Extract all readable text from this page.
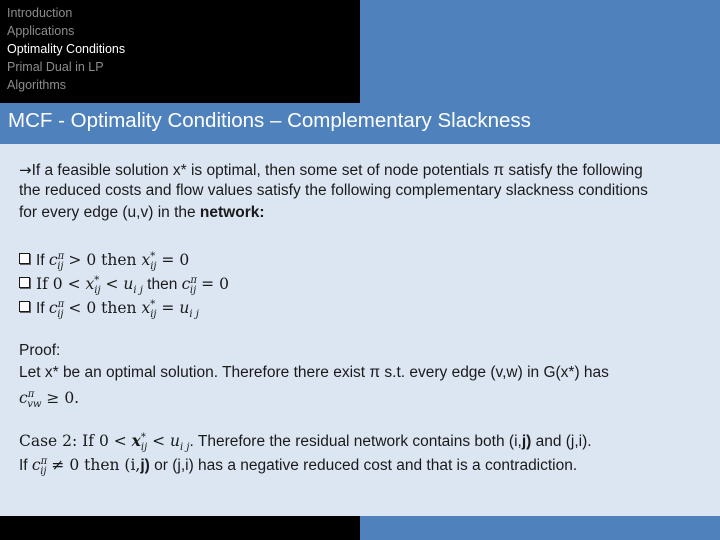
Introduction
Applications
Optimality Conditions
Primal Dual in LP
Algorithms
MCF - Optimality Conditions – Complementary Slackness
→If a feasible solution x* is optimal, then some set of node potentials π satisfy the following
the reduced costs and flow values satisfy the following complementary slackness conditions
for every edge (u,v) in the network:
If $c^\pi_{ij} > 0$ then $x^*_{ij} = 0$
If $0 < x^*_{ij} < u_{i j}$ then $c^\pi_{ij} = 0$
If $c^\pi_{ij} < 0$ then $x^*_{ij} = u_{i j}$
Proof:
Let x* be an optimal solution. Therefore there exist π s.t. every edge (v,w) in G(x*) has
$c^\pi_{vw} \ge 0$.
Case 2: If $0 < x^*_{ij} < u_{i j}$. Therefore the residual network contains both (i,j) and (j,i).
If $c^\pi_{ij} \ne 0$ then (i,j) or (j,i) has a negative reduced cost and that is a contradiction.
